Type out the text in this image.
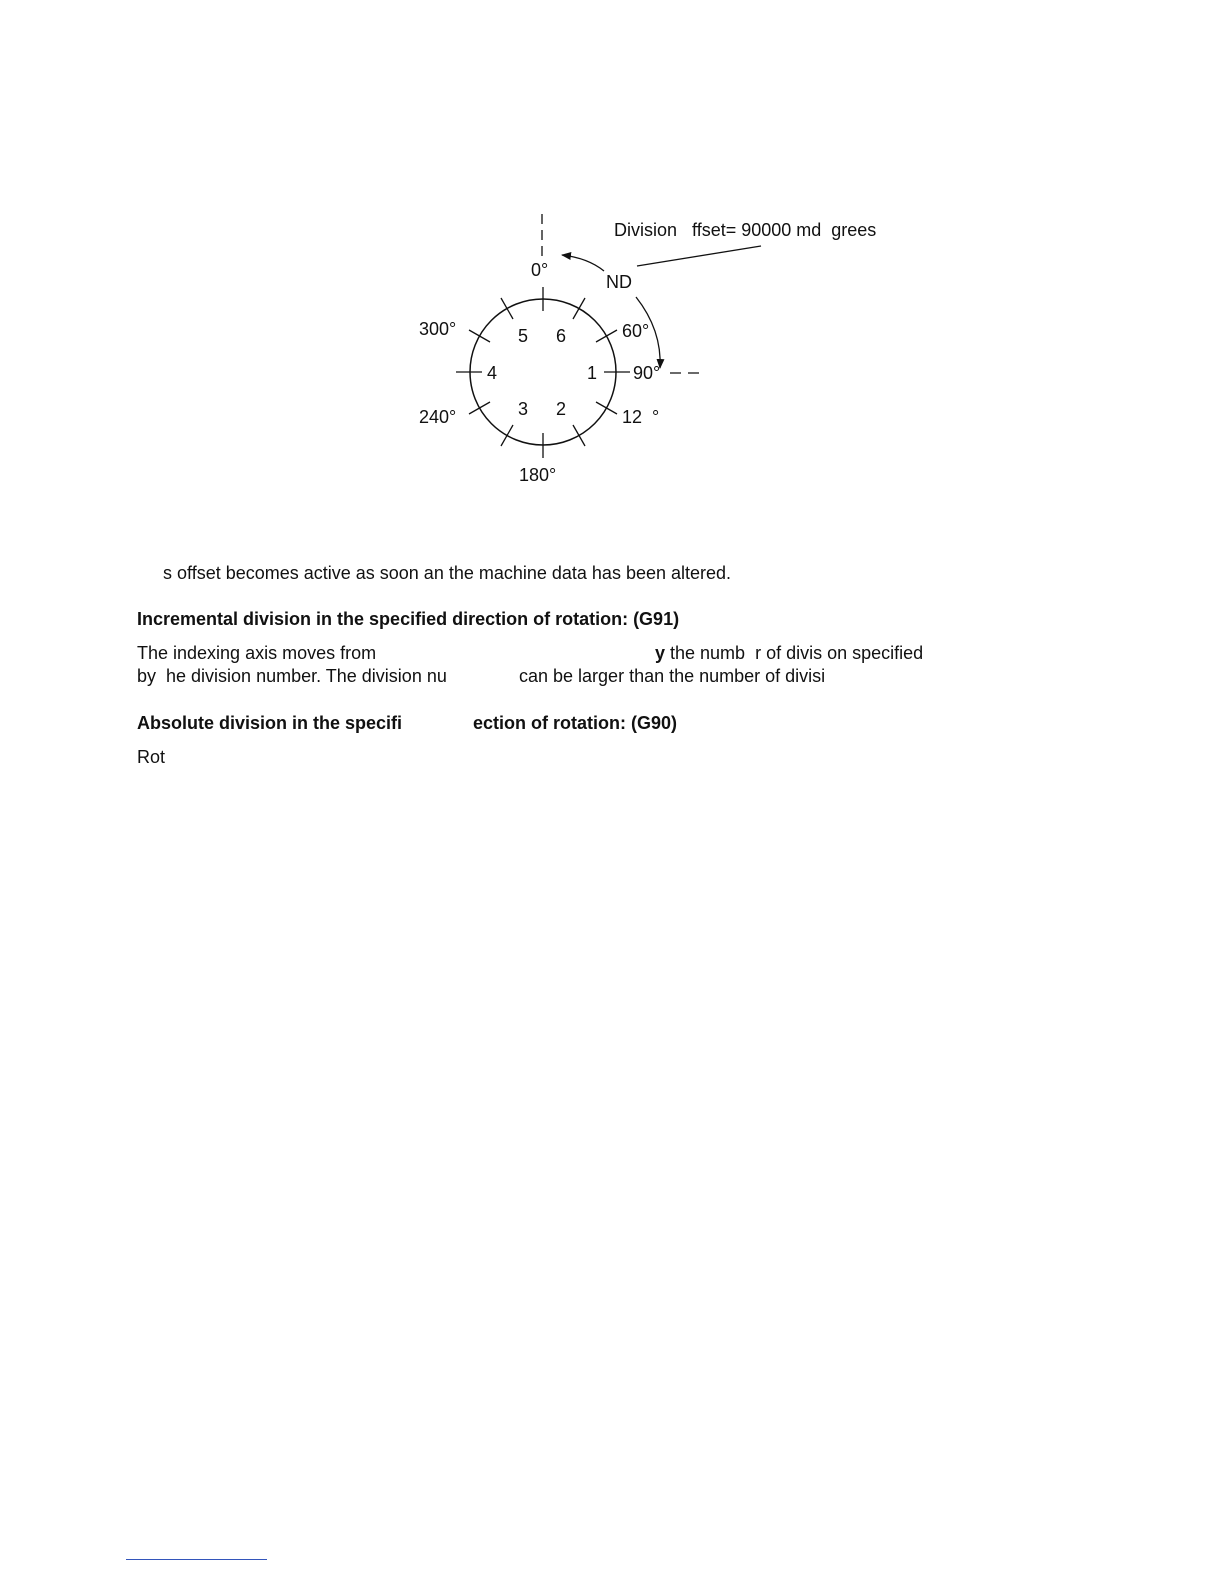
Division   ffset= 90000 md  grees
ND
0°
60°
90°
12  °
180°
240°
300°
1
2
3
4
5 6

s offset becomes active as soon an the machine data has been altered.

Incremental division in the specified direction of rotation: (G91)

The indexing axis moves from	y the numb  r of divis on specified

by  he division number. The division nu	can be larger than the number of divisi

Absolute division in the specifi	ection of rotation: (G90)

Rot
